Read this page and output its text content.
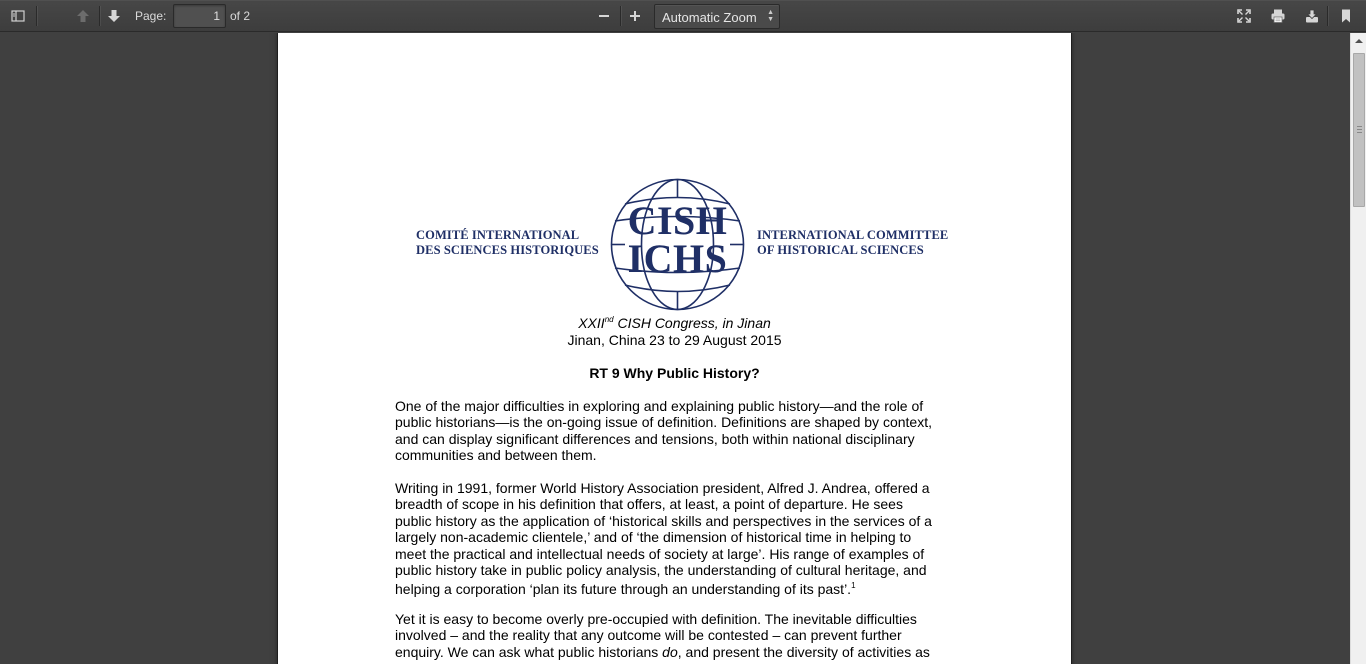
Page:	1 of 2	Automatic Zoom ▲
▼
COMITÉ INTERNATIONAL
DES SCIENCES HISTORIQUES
CISH
ICHS
INTERNATIONAL COMMITTEE
OF HISTORICAL SCIENCES
XXIInd CISH Congress, in Jinan
Jinan, China 23 to 29 August 2015
RT 9 Why Public History?
One of the major difficulties in exploring and explaining public history—and the role of
public historians—is the on-going issue of definition. Definitions are shaped by context,
and can display significant differences and tensions, both within national disciplinary
communities and between them.
Writing in 1991, former World History Association president, Alfred J. Andrea, offered a
breadth of scope in his definition that offers, at least, a point of departure. He sees
public history as the application of ‘historical skills and perspectives in the services of a
largely non-academic clientele,’ and of ‘the dimension of historical time in helping to
meet the practical and intellectual needs of society at large’. His range of examples of
public history take in public policy analysis, the understanding of cultural heritage, and
helping a corporation ‘plan its future through an understanding of its past’.$^1$
Yet it is easy to become overly pre-occupied with definition. The inevitable difficulties
involved – and the reality that any outcome will be contested – can prevent further
enquiry. We can ask what public historians do, and present the diversity of activities as
